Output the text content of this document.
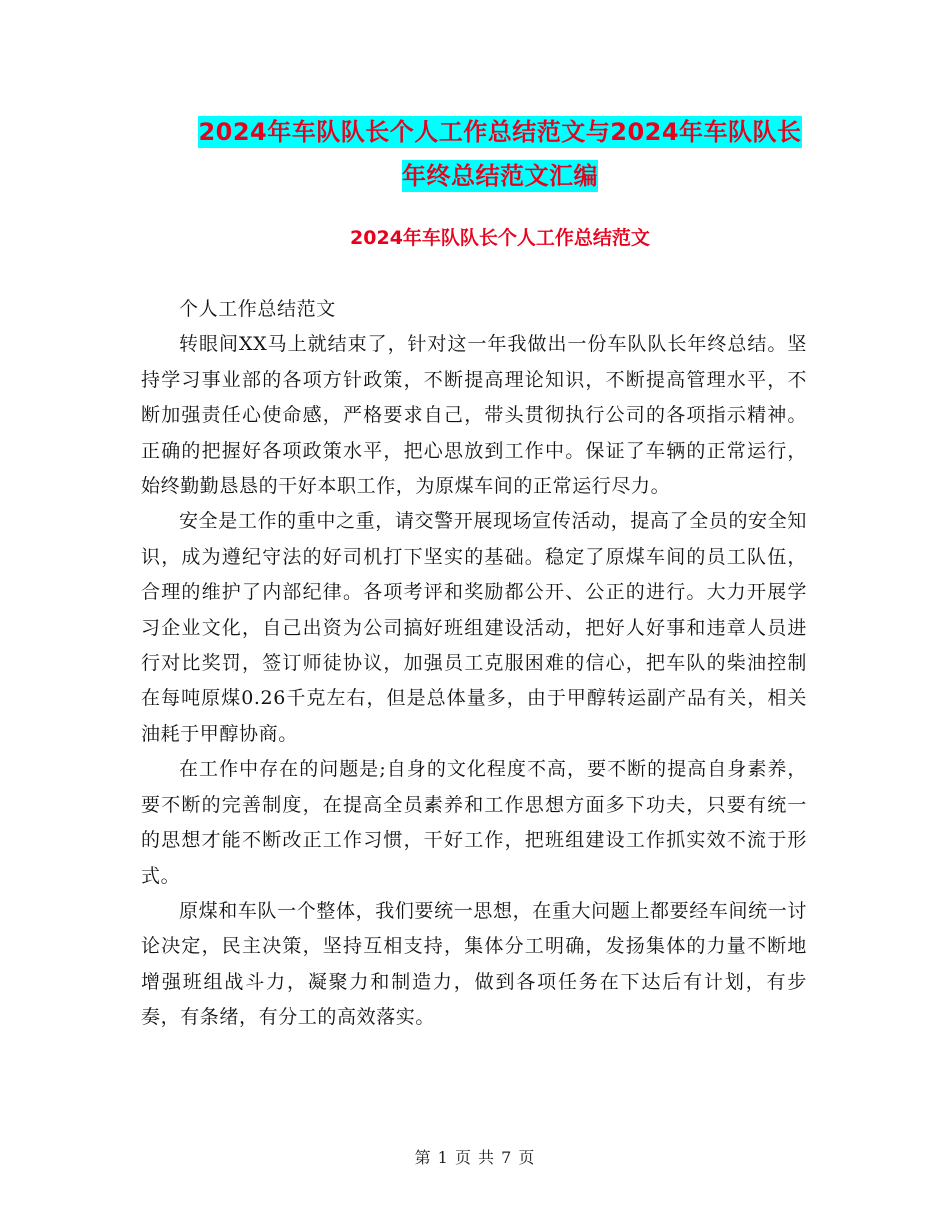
2024年车队队长个人工作总结范文与2024年车队队长
年终总结范文汇编
2024年车队队长个人工作总结范文

个人工作总结范文

转眼间XX马上就结束了，针对这一年我做出一份车队队长年终总结。坚持学习事业部的各项方针政策，不断提高理论知识，不断提高管理水平，不断加强责任心使命感，严格要求自己，带头贯彻执行公司的各项指示精神。正确的把握好各项政策水平，把心思放到工作中。保证了车辆的正常运行，始终勤勤恳恳的干好本职工作，为原煤车间的正常运行尽力。

安全是工作的重中之重，请交警开展现场宣传活动，提高了全员的安全知识，成为遵纪守法的好司机打下坚实的基础。稳定了原煤车间的员工队伍，合理的维护了内部纪律。各项考评和奖励都公开、公正的进行。大力开展学习企业文化，自己出资为公司搞好班组建设活动，把好人好事和违章人员进行对比奖罚，签订师徒协议，加强员工克服困难的信心，把车队的柴油控制在每吨原煤0.26千克左右，但是总体量多，由于甲醇转运副产品有关，相关油耗于甲醇协商。

在工作中存在的问题是;自身的文化程度不高，要不断的提高自身素养，要不断的完善制度，在提高全员素养和工作思想方面多下功夫，只要有统一的思想才能不断改正工作习惯，干好工作，把班组建设工作抓实效不流于形式。

原煤和车队一个整体，我们要统一思想，在重大问题上都要经车间统一讨论决定，民主决策，坚持互相支持，集体分工明确，发扬集体的力量不断地增强班组战斗力，凝聚力和制造力，做到各项任务在下达后有计划，有步奏，有条绪，有分工的高效落实。

第 1 页 共 7 页
